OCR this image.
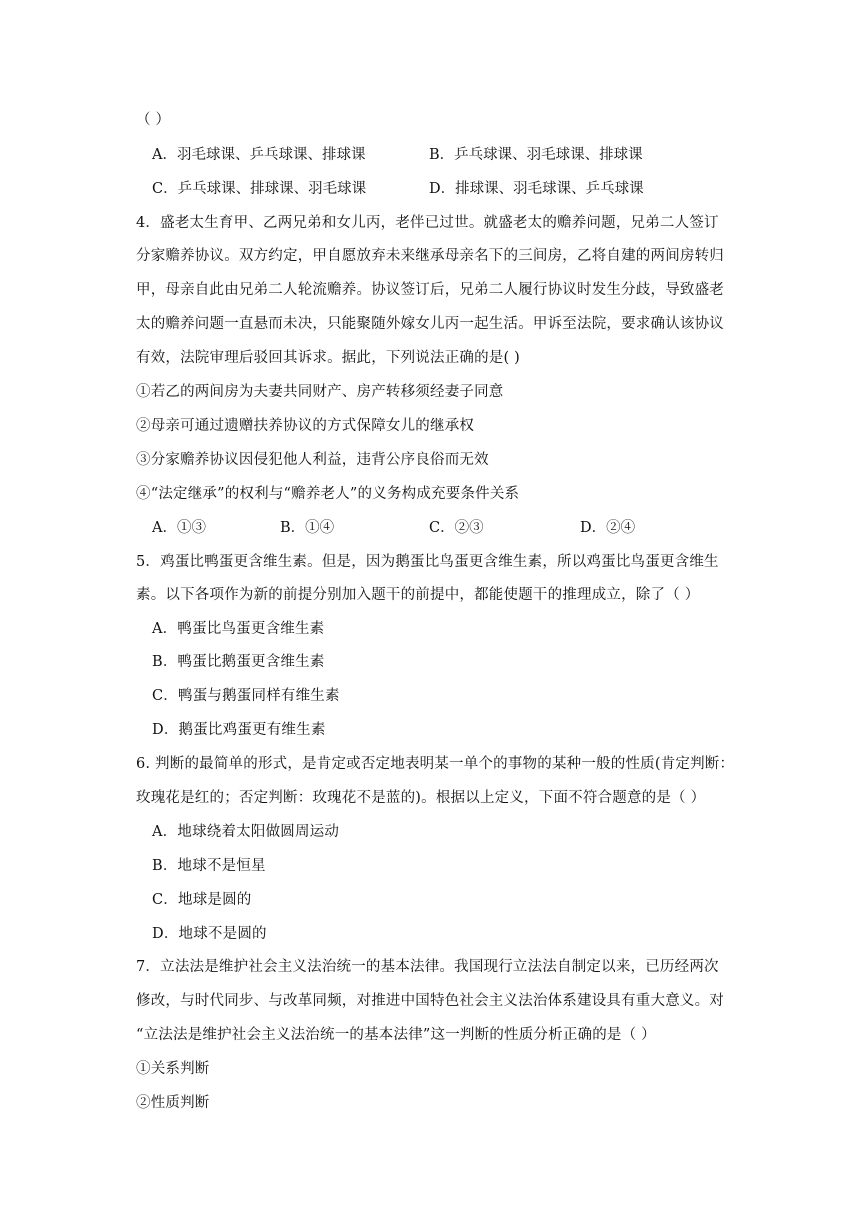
（ ）
A．羽毛球课、乒乓球课、排球课	B．乒乓球课、羽毛球课、排球课
C．乒乓球课、排球课、羽毛球课	D．排球课、羽毛球课、乒乓球课
4．盛老太生育甲、乙两兄弟和女儿丙，老伴已过世。就盛老太的赡养问题，兄弟二人签订
分家赡养协议。双方约定，甲自愿放弃未来继承母亲名下的三间房，乙将自建的两间房转归
甲，母亲自此由兄弟二人轮流赡养。协议签订后，兄弟二人履行协议时发生分歧，导致盛老
太的赡养问题一直悬而未决，只能聚随外嫁女儿丙一起生活。甲诉至法院，要求确认该协议
有效，法院审理后驳回其诉求。据此，下列说法正确的是( )
①若乙的两间房为夫妻共同财产、房产转移须经妻子同意
②母亲可通过遗赠扶养协议的方式保障女儿的继承权
③分家赡养协议因侵犯他人利益，违背公序良俗而无效
④“法定继承”的权利与“赡养老人”的义务构成充要条件关系
A．①③	B．①④	C．②③	D．②④
5．鸡蛋比鸭蛋更含维生素。但是，因为鹅蛋比鸟蛋更含维生素，所以鸡蛋比鸟蛋更含维生
素。以下各项作为新的前提分别加入题干的前提中，都能使题干的推理成立，除了（ ）
A．鸭蛋比鸟蛋更含维生素
B．鸭蛋比鹅蛋更含维生素
C．鸭蛋与鹅蛋同样有维生素
D．鹅蛋比鸡蛋更有维生素
6. 判断的最简单的形式，是肯定或否定地表明某一单个的事物的某种一般的性质(肯定判断：
玫瑰花是红的；否定判断：玫瑰花不是蓝的)。根据以上定义，下面不符合题意的是（ ）
A．地球绕着太阳做圆周运动
B．地球不是恒星
C．地球是圆的
D．地球不是圆的
7．立法法是维护社会主义法治统一的基本法律。我国现行立法法自制定以来，已历经两次
修改，与时代同步、与改革同频，对推进中国特色社会主义法治体系建设具有重大意义。对
“立法法是维护社会主义法治统一的基本法律”这一判断的性质分析正确的是（ ）
①关系判断
②性质判断
